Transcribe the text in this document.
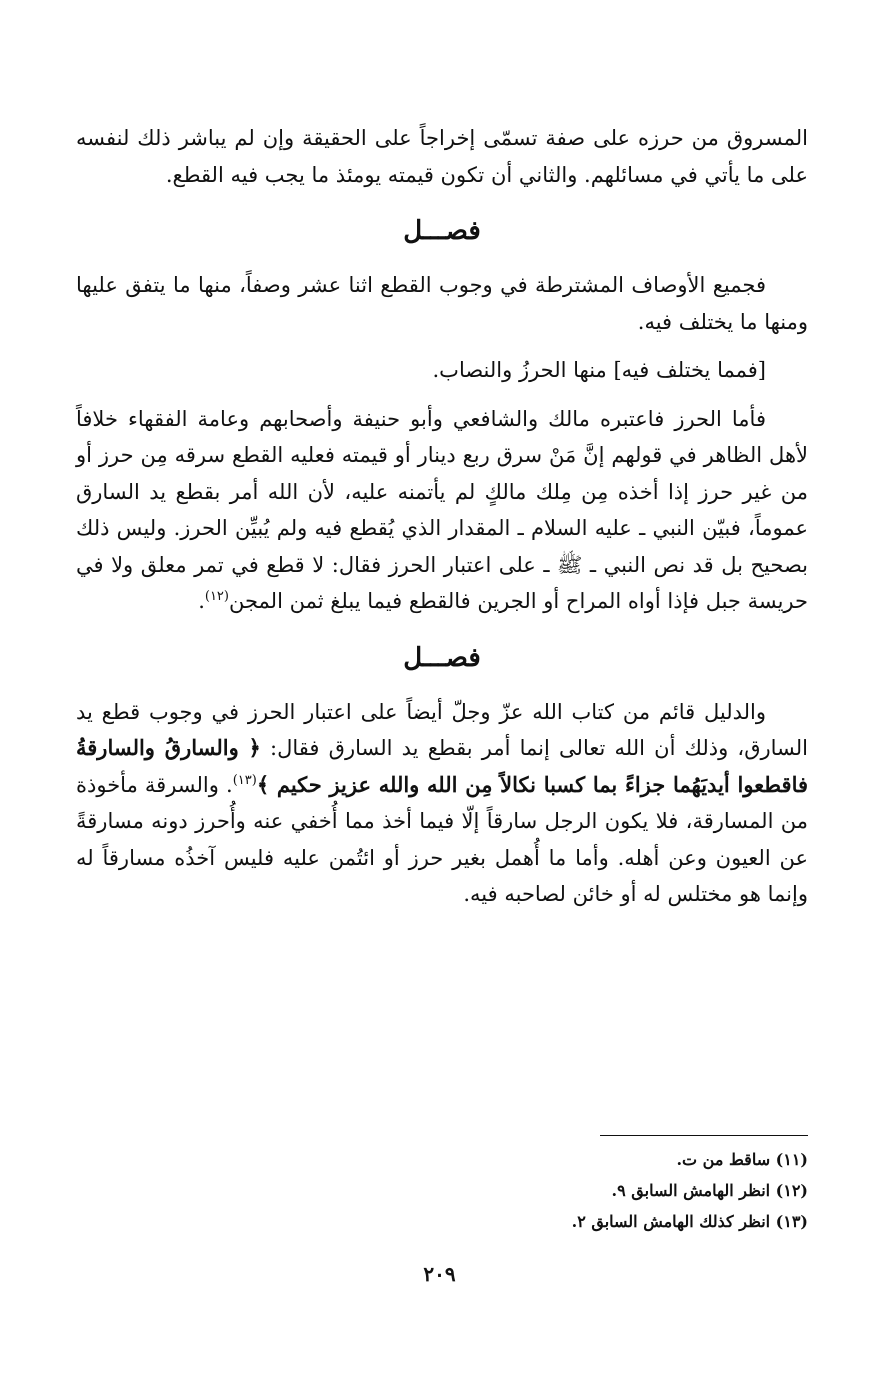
المسروق من حرزه على صفة تسمّى إخراجاً على الحقيقة وإن لم يباشر ذلك لنفسه على ما يأتي في مسائلهم. والثاني أن تكون قيمته يومئذ ما يجب فيه القطع.

فصـــل

فجميع الأوصاف المشترطة في وجوب القطع اثنا عشر وصفاً، منها ما يتفق عليها ومنها ما يختلف فيه.

[فمما يختلف فيه] منها الحرزُ والنصاب.

فأما الحرز فاعتبره مالك والشافعي وأبو حنيفة وأصحابهم وعامة الفقهاء خلافاً لأهل الظاهر في قولهم إنَّ مَنْ سرق ربع دينار أو قيمته فعليه القطع سرقه مِن حرز أو من غير حرز إذا أخذه مِن مِلك مالكٍ لم يأتمنه عليه، لأن الله أمر بقطع يد السارق عموماً، فبيّن النبي ـ عليه السلام ـ المقدار الذي يُقطع فيه ولم يُبيِّن الحرز. وليس ذلك بصحيح بل قد نص النبي ـ ﷺ ـ على اعتبار الحرز فقال: لا قطع في تمر معلق ولا في حريسة جبل فإذا أواه المراح أو الجرين فالقطع فيما يبلغ ثمن المجن$^{(١٢)}$.

فصـــل

والدليل قائم من كتاب الله عزّ وجلّ أيضاً على اعتبار الحرز في وجوب قطع يد السارق، وذلك أن الله تعالى إنما أمر بقطع يد السارق فقال: ﴿ والسارقُ والسارقةُ فاقطعوا أيديَهُما جزاءً بما كسبا نكالاً مِن الله والله عزيز حكيم ﴾$^{(١٣)}$. والسرقة مأخوذة من المسارقة، فلا يكون الرجل سارقاً إلّا فيما أخذ مما أُخفي عنه وأُحرز دونه مسارقةً عن العيون وعن أهله. وأما ما أُهمل بغير حرز أو ائتُمن عليه فليس آخذُه مسارقاً له وإنما هو مختلس له أو خائن لصاحبه فيه.

(١١) ساقط من ت.
(١٢) انظر الهامش السابق ٩.
(١٣) انظر كذلك الهامش السابق ٢.
٢٠٩
